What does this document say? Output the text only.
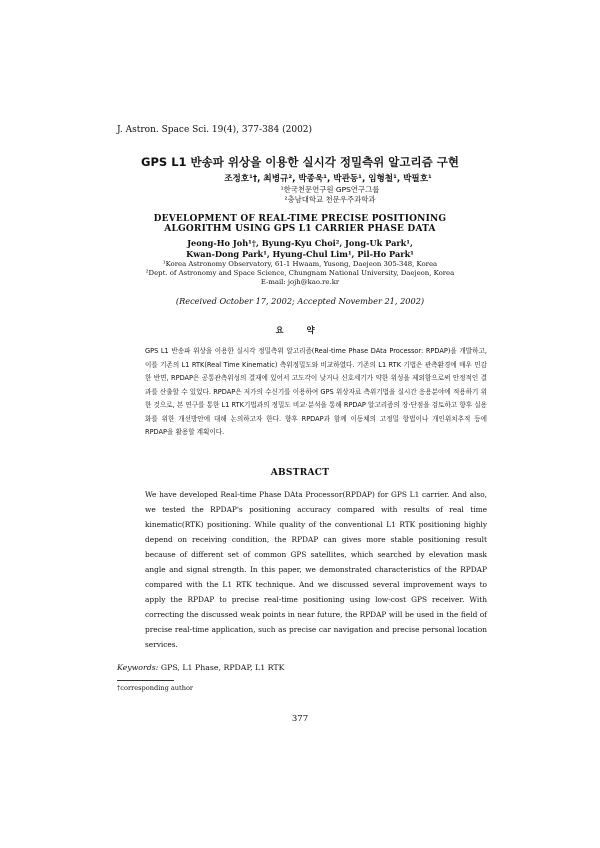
J. Astron. Space Sci. 19(4), 377-384 (2002)
GPS L1 반송파 위상을 이용한 실시각 정밀측위 알고리즘 구현
조정호¹†, 최병규², 박종욱¹, 박관동¹, 임형철¹, 박필호¹
¹한국천문연구원 GPS연구그룹
²충남대학교 천문우주과학과
DEVELOPMENT OF REAL-TIME PRECISE POSITIONING
ALGORITHM USING GPS L1 CARRIER PHASE DATA
Jeong-Ho Joh¹†, Byung-Kyu Choi², Jong-Uk Park¹,
Kwan-Dong Park¹, Hyung-Chul Lim¹, Pil-Ho Park¹
¹Korea Astronomy Observatory, 61-1 Hwaam, Yusong, Daejeon 305-348, Korea
²Dept. of Astronomy and Space Science, Chungnam National University, Daejeon, Korea
E-mail: jojh@kao.re.kr
(Received October 17, 2002; Accepted November 21, 2002)
요 약

GPS L1 반송파 위상을 이용한 실시각 정밀측위 알고리즘(Real-time Phase DAta Processor: RPDAP)을 개발하고, 이를 기존의 L1 RTK(Real Time Kinematic) 측위정밀도와 비교하였다. 기존의 L1 RTK 기법은 관측환경에 매우 민감한 반면, RPDAP은 공통관측위성의 결재에 있어서 고도각이 낮거나 신호세기가 약한 위성을 제외함으로써 안정적인 결과를 산출할 수 있었다. RPDAP은 저가의 수신기를 이용하여 GPS 위상자료 측위기법을 실시간 응용분야에 적용하기 위한 것으로, 본 연구를 통한 L1 RTK기법과의 정밀도 비교·분석을 통해 RPDAP 알고리즘의 장·단점을 검토하고 향후 실용화를 위한 개선방안에 대해 논의하고자 한다. 향후 RPDAP과 함께 이동체의 고정밀 항법이나 개인위치추적 등에 RPDAP을 활용할 계획이다.

ABSTRACT

We have developed Real-time Phase DAta Processor(RPDAP) for GPS L1 carrier. And also, we tested the RPDAP's positioning accuracy compared with results of real time kinematic(RTK) positioning. While quality of the conventional L1 RTK positioning highly depend on receiving condition, the RPDAP can gives more stable positioning result because of different set of common GPS satellites, which searched by elevation mask angle and signal strength. In this paper, we demonstrated characteristics of the RPDAP compared with the L1 RTK technique. And we discussed several improvement ways to apply the RPDAP to precise real-time positioning using low-cost GPS receiver. With correcting the discussed weak points in near future, the RPDAP will be used in the field of precise real-time application, such as precise car navigation and precise personal location services.

Keywords: GPS, L1 Phase, RPDAP, L1 RTK
†corresponding author
377
